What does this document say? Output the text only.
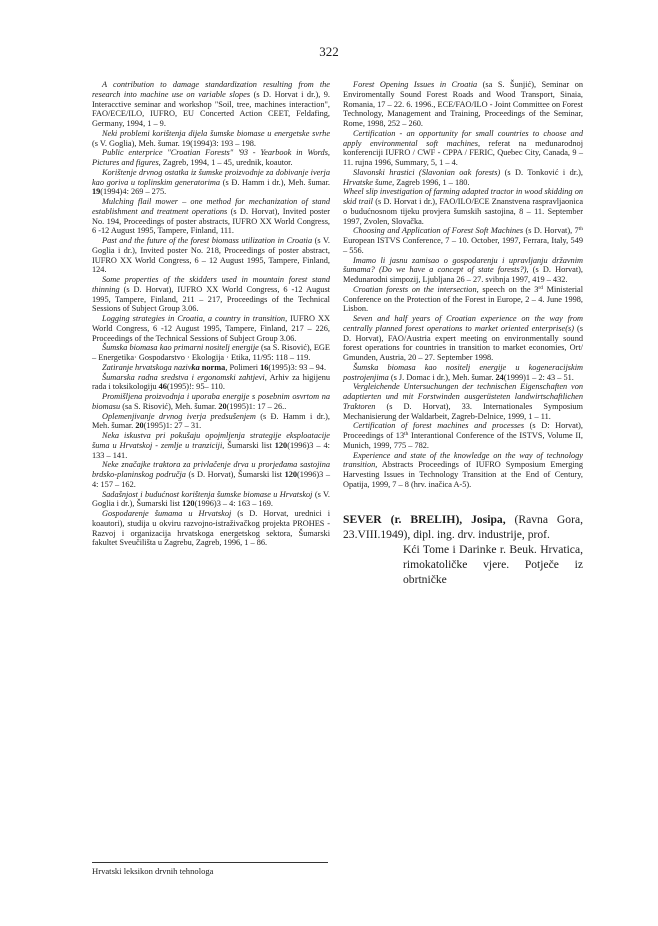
322

A contribution to damage standardization resulting from the research into machine use on variable slopes (s D. Horvat i dr.), 9. Interacctive seminar and workshop "Soil, tree, machines interaction", FAO/ECE/ILO, IUFRO, EU Concerted Action CEET, Feldafing, Germany, 1994, 1 – 9.

Neki problemi korištenja dijela šumske biomase u energetske svrhe (s V. Goglia), Meh. šumar. 19(1994)3: 193 – 198.

Public enterprice "Croatian Forests" '93 - Yearbook in Words, Pictures and figures, Zagreb, 1994, 1 – 45, urednik, koautor.

Korištenje drvnog ostatka iz šumske proizvodnje za dobivanje iverja kao goriva u toplinskim generatorima (s Đ. Hamm i dr.), Meh. šumar. 19(1994)4: 269 – 275.

Mulching flail mower – one method for mechanization of stand establishment and treatment operations (s D. Horvat), Invited poster No. 194, Proceedings of poster abstracts, IUFRO XX World Congress, 6 -12 August 1995, Tampere, Finland, 111.

Past and the future of the forest biomass utilization in Croatia (s V. Goglia i dr.), Invited poster No. 218, Proceedings of poster abstract, IUFRO XX World Congress, 6 – 12 August 1995, Tampere, Finland, 124.

Some properties of the skidders used in mountain forest stand thinning (s D. Horvat), IUFRO XX World Congress, 6 -12 August 1995, Tampere, Finland, 211 – 217, Proceedings of the Technical Sessions of Subject Group 3.06.

Logging strategies in Croatia, a country in transition, IUFRO XX World Congress, 6 -12 August 1995, Tampere, Finland, 217 – 226, Proceedings of the Technical Sessions of Subject Group 3.06.

Šumska biomasa kao primarni nositelj energije (sa S. Risović), EGE – Energetika· Gospodarstvo · Ekologija · Etika, 11/95: 118 – 119.

Zatiranje hrvatskoga nazivka norma, Polimeri 16(1995)3: 93 – 94.

Šumarska radna sredstva i ergonomski zahtjevi, Arhiv za higijenu rada i toksikologiju 46(1995)!: 95– 110.

Promišljena proizvodnja i uporaba energije s posebnim osvrtom na biomasu (sa S. Risović), Meh. šumar. 20(1995)1: 17 – 26..

Oplemenjivanje drvnog iverja predsušenjem (s Đ. Hamm i dr.), Meh. šumar. 20(1995)1: 27 – 31.

Neka iskustva pri pokušaju opojmljenja strategije eksploatacije šuma u Hrvatskoj - zemlje u tranziciji, Šumarski list 120(1996)3 – 4: 133 – 141.

Neke značajke traktora za privlačenje drva u prorjeđama sastojina brdsko-planinskog područja (s D. Horvat), Šumarski list 120(1996)3 – 4: 157 – 162.

Sadašnjost i budućnost korištenja šumske biomase u Hrvatskoj (s V. Goglia i dr.), Šumarski list 120(1996)3 – 4: 163 – 169.

Gospodarenje šumama u Hrvatskoj (s D. Horvat, urednici i koautori), studija u okviru razvojno-istraživačkog projekta PROHES - Razvoj i organizacija hrvatskoga energetskog sektora, Šumarski fakultet Sveučilišta u Zagrebu, Zagreb, 1996, 1 – 86.

Forest Opening Issues in Croatia (sa S. Šunjić), Seminar on Enviromentally Sound Forest Roads and Wood Transport, Sinaia, Romania, 17 – 22. 6. 1996., ECE/FAO/ILO - Joint Committee on Forest Technology, Management and Training, Proceedings of the Seminar, Rome, 1998, 252 – 260.

Certification - an opportunity for small countries to choose and apply environmental soft machines, referat na međunarodnoj konferenciji IUFRO / CWF - CPPA / FERIC, Quebec City, Canada, 9 – 11. rujna 1996, Summary, 5, 1 – 4.

Slavonski hrastici (Slavonian oak forests) (s D. Tonković i dr.), Hrvatske šume, Zagreb 1996, 1 – 180.

Wheel slip investigation of farming adapted tractor in wood skidding on skid trail (s D. Horvat i dr.), FAO/ILO/ECE Znanstvena raspravljaonica o budućnosnom tijeku provjera šumskih sastojina, 8 – 11. September 1997, Zvolen, Slovačka.

Choosing and Application of Forest Soft Machines (s D. Horvat), 7th European ISTVS Conference, 7 – 10. October, 1997, Ferrara, Italy, 549 – 556.

Imamo li jasnu zamisao o gospodarenju i upravljanju državnim šumama? (Do we have a concept of state forests?), (s D. Horvat), Međunarodni simpozij, Ljubljana 26 – 27. svibnja 1997, 419 – 432.

Croatian forests on the intersection, speech on the 3rd Ministerial Conference on the Protection of the Forest in Europe, 2 – 4. June 1998, Lisbon.

Seven and half years of Croatian experience on the way from centrally planned forest operations to market oriented enterprise(s) (s D. Horvat), FAO/Austria expert meeting on environmentally sound forest operations for countries in transition to market economies, Ort/ Gmunden, Austria, 20 – 27. September 1998.

Šumska biomasa kao nositelj energije u kogeneracijskim postrojenjima (s J. Domac i dr.), Meh. šumar. 24(1999)1 – 2: 43 – 51.

Vergleichende Untersuchungen der technischen Eigenschaften von adaptierten und mit Forstwinden ausgerüsteten landwirtschaftlichen Traktoren (s D. Horvat), 33. Internationales Symposium Mechanisierung der Waldarbeit, Zagreb-Delnice, 1999, 1 – 11.

Certification of forest machines and processes (s D: Horvat), Proceedings of 13th Interantional Conference of the ISTVS, Volume II, Munich, 1999, 775 – 782.

Experience and state of the knowledge on the way of technology transition, Abstracts Proceedings of IUFRO Symposium Emerging Harvesting Issues in Technology Transition at the End of Century, Opatija, 1999, 7 – 8 (hrv. inačica A-5).

SEVER (r. BRELIH), Josipa, (Ravna Gora, 23.VIII.1949), dipl. ing. drv. industrije, prof.
Kći Tome i Darinke r. Beuk. Hrvatica, rimokatoličke vjere. Potječe iz obrtničke
Hrvatski leksikon drvnih tehnologa
